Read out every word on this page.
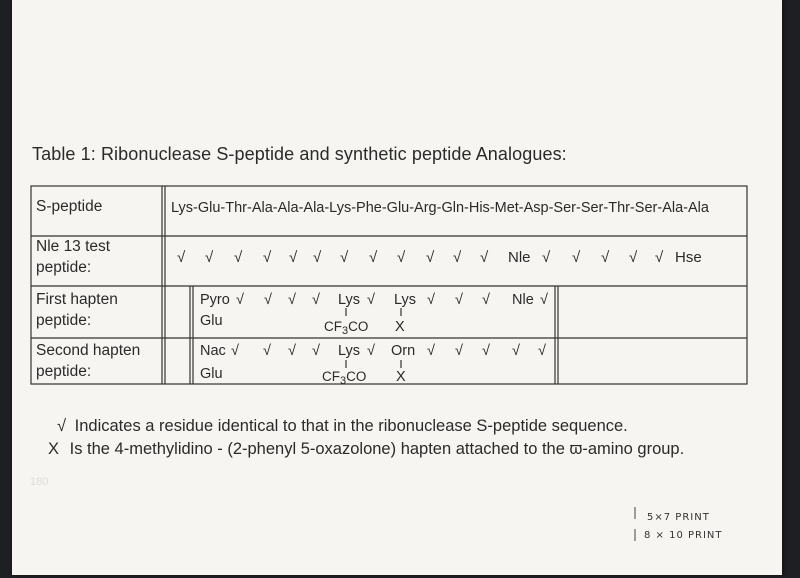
Table 1: Ribonuclease S-peptide and synthetic peptide Analogues:
S-peptide	Lys-Glu-Thr-Ala-Ala-Ala-Lys-Phe-Glu-Arg-Gln-His-Met-Asp-Ser-Ser-Thr-Ser-Ala-Ala
Nle 13 test
peptide:
√ √ √ √ √ √ √ √ √ √ √ √ Nle √ √ √ √ √ Hse
First hapten
peptide:
Pyro √ √ √ √ Lys √ Lys √ √ √ Nle √
Glu	$CF_3CO$ X
Second hapten
peptide:
Nac √ √ √ √ Lys √ Orn √ √ √ √ √
Glu	$CF_3CO$ X
√ Indicates a residue identical to that in the ribonuclease S-peptide sequence.
X Is the 4-methylidino - (2-phenyl 5-oxazolone) hapten attached to the ϖ-amino group.
180
5×7 PRINT
8 × 10 PRINT
